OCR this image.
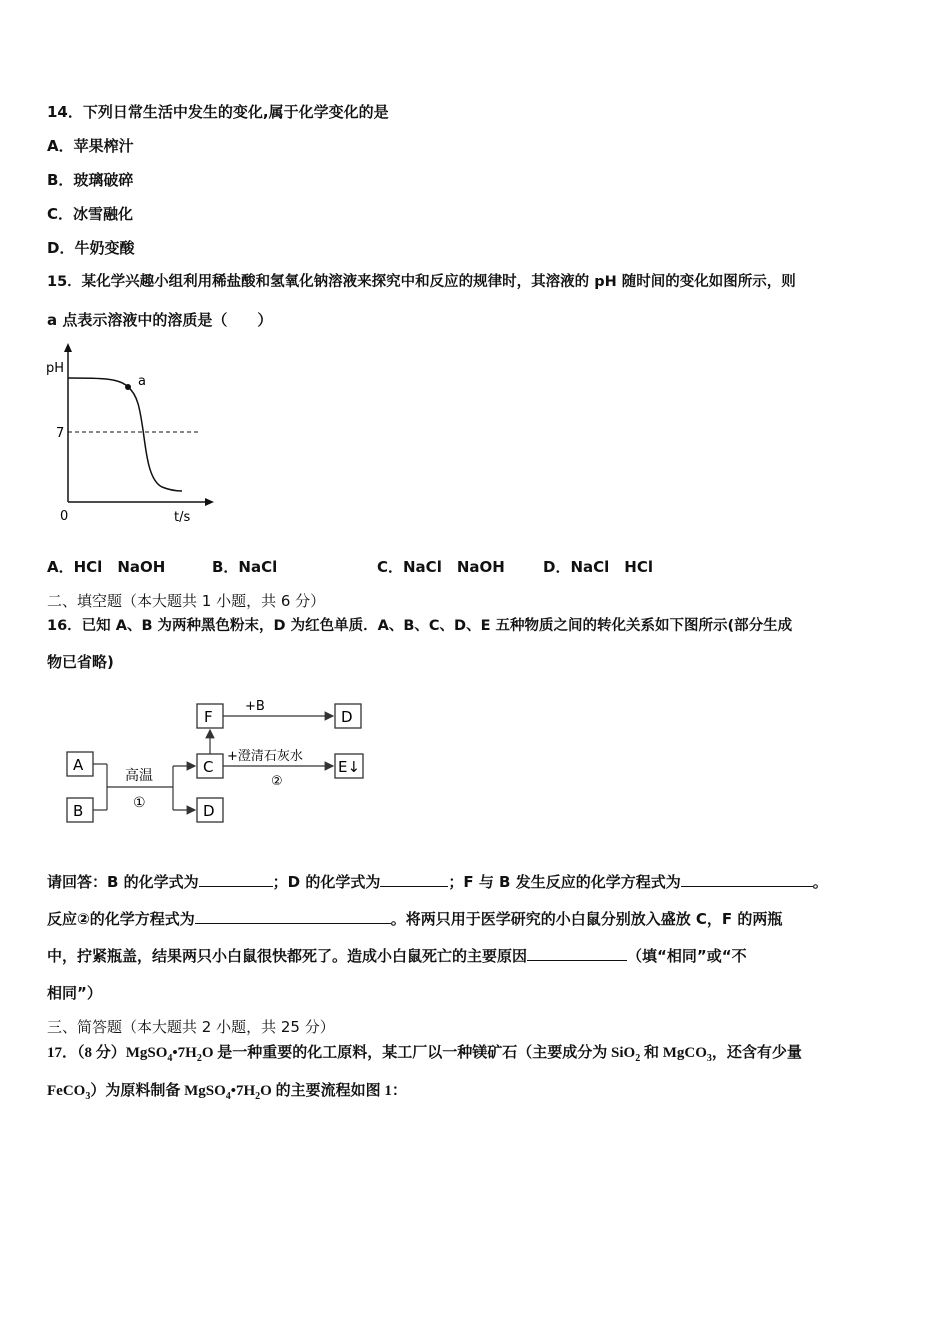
14．下列日常生活中发生的变化,属于化学变化的是
A．苹果榨汁
B．玻璃破碎
C．冰雪融化
D．牛奶变酸
15．某化学兴趣小组利用稀盐酸和氢氧化钠溶液来探究中和反应的规律时，其溶液的 pH 随时间的变化如图所示，则
a 点表示溶液中的溶质是（　　）
a
pH
7
0	t/s
A．HCl　NaOH	B．NaCl	C．NaCl　NaOH	D．NaCl　HCl
二、填空题（本大题共 1 小题，共 6 分）
16．已知 A、B 为两种黑色粉末，D 为红色单质．A、B、C、D、E 五种物质之间的转化关系如下图所示(部分生成
物已省略)
A
B
高温
①
C
D
F
+B
D
+澄清石灰水
②
E↓
请回答：B 的化学式为	；D 的化学式为	；F 与 B 发生反应的化学方程式为	。
反应②的化学方程式为	。将两只用于医学研究的小白鼠分别放入盛放 C，F 的两瓶
中，拧紧瓶盖，结果两只小白鼠很快都死了。造成小白鼠死亡的主要原因	（填“相同”或“不
相同”）
三、简答题（本大题共 2 小题，共 25 分）
17．（8 分）$MgSO_4•7H_2O$ 是一种重要的化工原料，某工厂以一种镁矿石（主要成分为 SiO$_2$ 和 MgCO$_3$，还含有少量
FeCO$_3$）为原料制备 $MgSO_4•7H_2O$ 的主要流程如图 1：
